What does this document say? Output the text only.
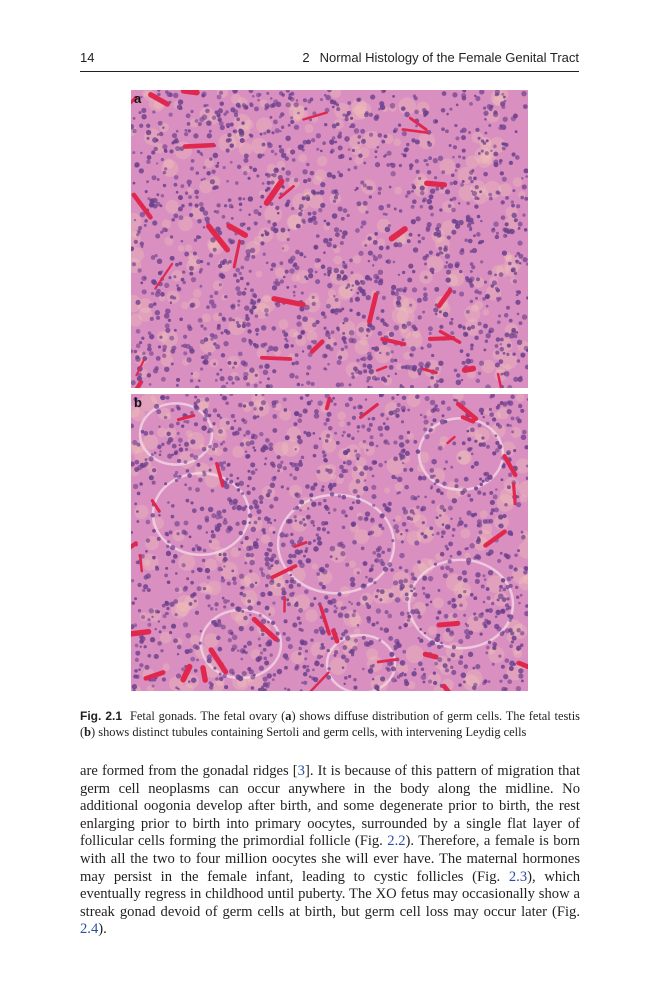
14	2 Normal Histology of the Female Genital Tract
a
b
Fig. 2.1 Fetal gonads. The fetal ovary (a) shows diffuse distribution of germ cells. The fetal testis (b) shows distinct tubules containing Sertoli and germ cells, with intervening Leydig cells
are formed from the gonadal ridges [3]. It is because of this pattern of migration that germ cell neoplasms can occur anywhere in the body along the midline. No additional oogonia develop after birth, and some degenerate prior to birth, the rest enlarging prior to birth into primary oocytes, surrounded by a single flat layer of follicular cells forming the primordial follicle (Fig. 2.2). Therefore, a female is born with all the two to four million oocytes she will ever have. The maternal hormones may persist in the female infant, leading to cystic follicles (Fig. 2.3), which eventually regress in childhood until puberty. The XO fetus may occasionally show a streak gonad devoid of germ cells at birth, but germ cell loss may occur later (Fig. 2.4).
